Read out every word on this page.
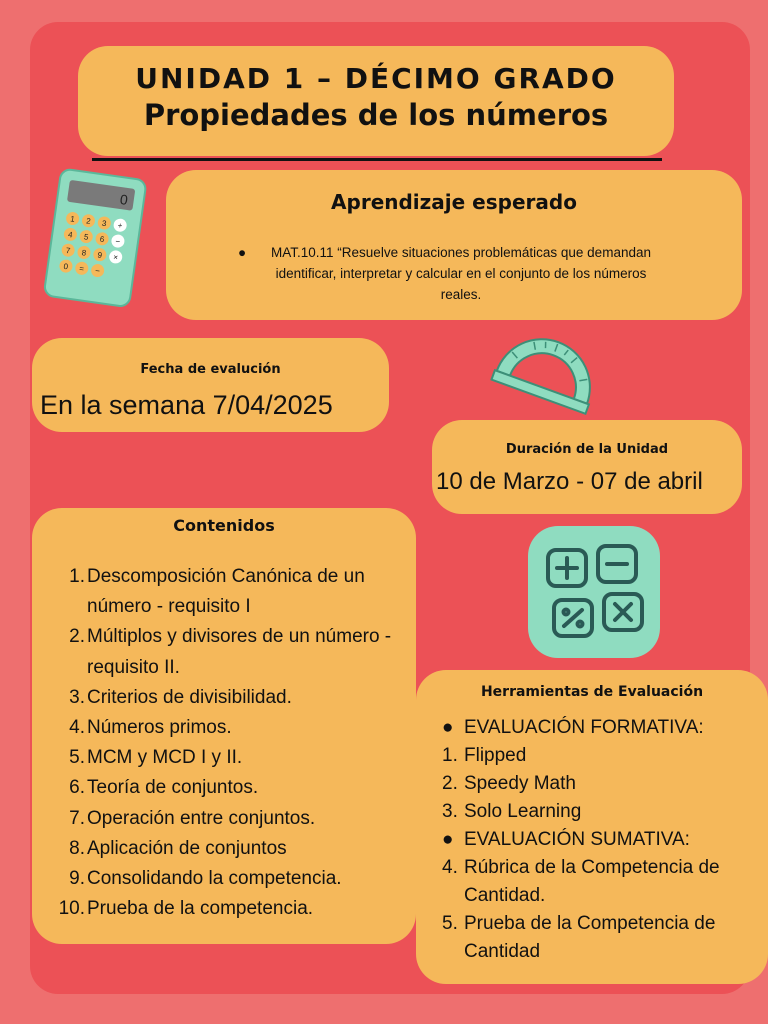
UNIDAD 1 – DÉCIMO GRADO
Propiedades de los números
0
1 2 3 +
4 5 6 −
7 8 9 ×
0 = −
Aprendizaje esperado
●	MAT.10.11 “Resuelve situaciones problemáticas que demandan identificar, interpretar y calcular en el conjunto de los números reales.
Fecha de evalución
En la semana 7/04/2025
Duración de la Unidad
10 de Marzo - 07 de abril
Contenidos
1. Descomposición Canónica de un número - requisito I
2. Múltiplos y divisores de un número - requisito II.
3. Criterios de divisibilidad.
4. Números primos.
5. MCM y MCD I y II.
6. Teoría de conjuntos.
7. Operación entre conjuntos.
8. Aplicación de conjuntos
9. Consolidando la competencia.
10. Prueba de la competencia.
Herramientas de Evaluación
● EVALUACIÓN FORMATIVA:
1. Flipped
2. Speedy Math
3. Solo Learning
● EVALUACIÓN SUMATIVA:
4. Rúbrica de la Competencia de Cantidad.
5. Prueba de la Competencia de Cantidad
